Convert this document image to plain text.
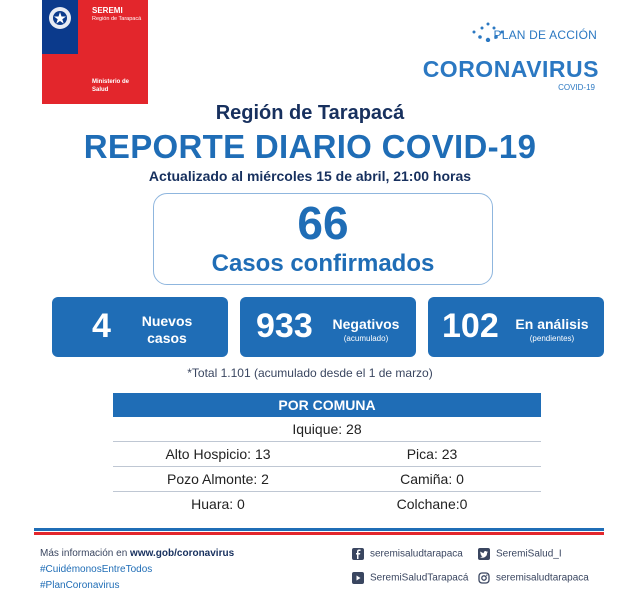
SEREMI
Región de Tarapacá
Ministerio de Salud
PLAN DE ACCIÓN
CORONAVIRUS
COVID-19
Región de Tarapacá
REPORTE DIARIO COVID-19
Actualizado al miércoles 15 de abril, 21:00 horas
66
Casos confirmados
4	Nuevos
casos	933	Negativos
(acumulado)	102	En análisis
(pendientes)
*Total 1.101 (acumulado desde el 1 de marzo)
POR COMUNA
Iquique: 28
Alto Hospicio: 13	Pica: 23
Pozo Almonte: 2	Camiña: 0
Huara: 0	Colchane:0
Más información en www.gob/coronavirus
#CuidémonosEntreTodos
#PlanCoronavirus
seremisaludtarapaca	SeremiSalud_I
SeremiSaludTarapacá	seremisaludtarapaca
